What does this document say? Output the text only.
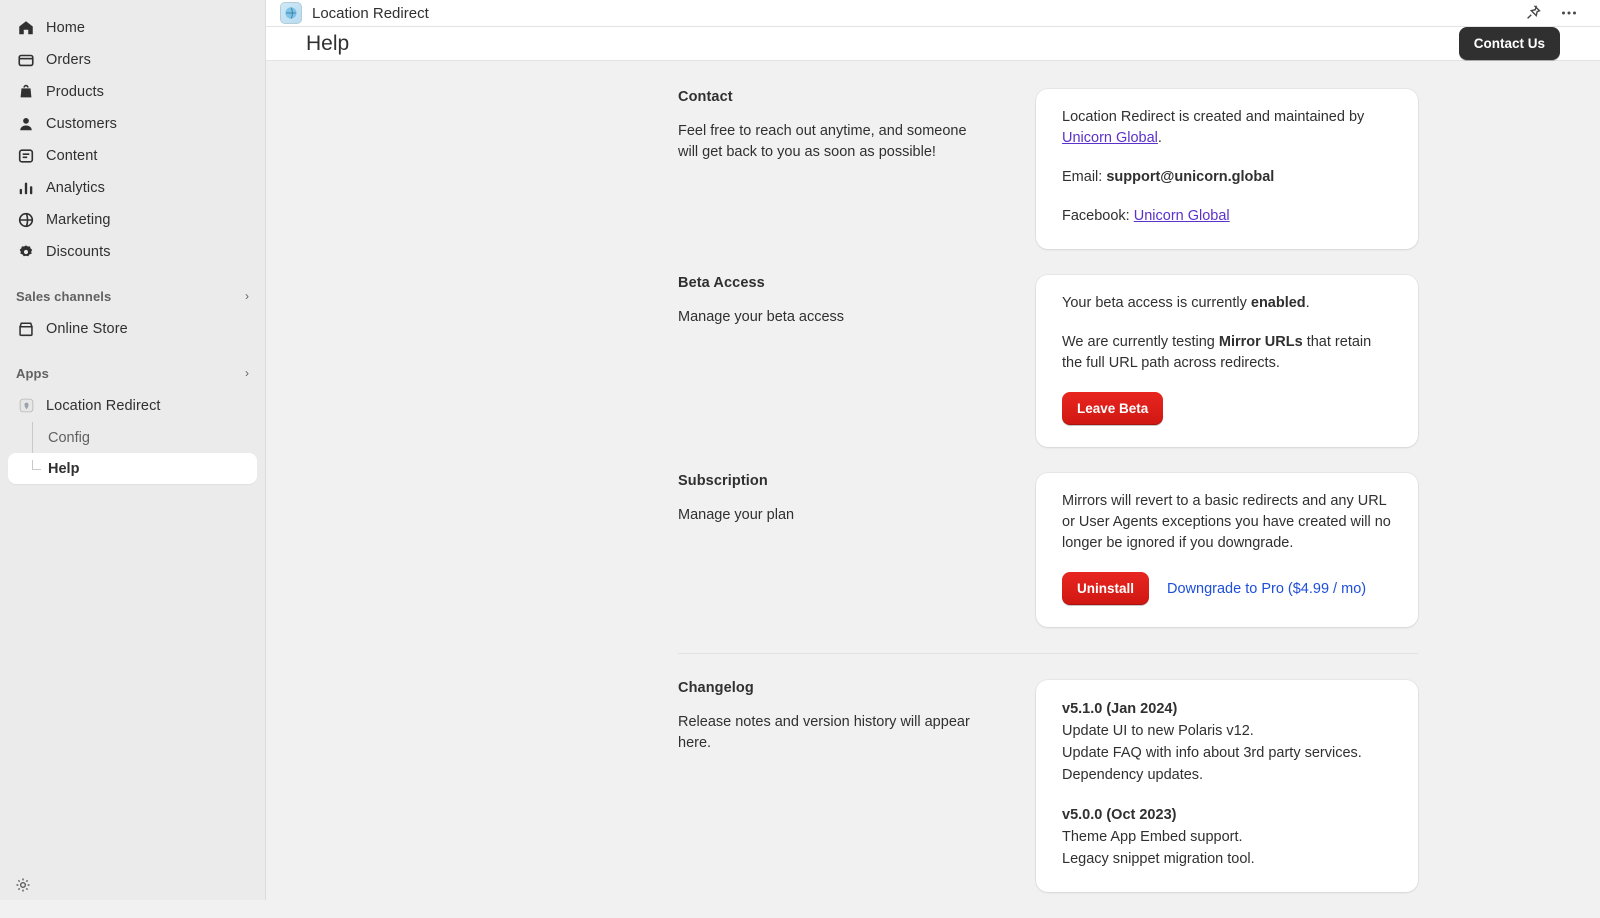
Home
Orders
Products
Customers
Content
Analytics
Marketing
Discounts
Sales channels	›
Online Store
Apps	›
Location Redirect
Config
Help
Location Redirect
Help	Contact Us
Contact
Feel free to reach out anytime, and someone will get back to you as soon as possible!

Location Redirect is created and maintained by Unicorn Global.

Email: support@unicorn.global

Facebook: Unicorn Global

Beta Access
Manage your beta access

Your beta access is currently enabled.

We are currently testing Mirror URLs that retain the full URL path across redirects.

Leave Beta
Subscription
Manage your plan

Mirrors will revert to a basic redirects and any URL or User Agents exceptions you have created will no longer be ignored if you downgrade.

Uninstall	Downgrade to Pro ($4.99 / mo)
Changelog
Release notes and version history will appear here.
v5.1.0 (Jan 2024)
Update UI to new Polaris v12.
Update FAQ with info about 3rd party services.
Dependency updates.
v5.0.0 (Oct 2023)
Theme App Embed support.
Legacy snippet migration tool.
